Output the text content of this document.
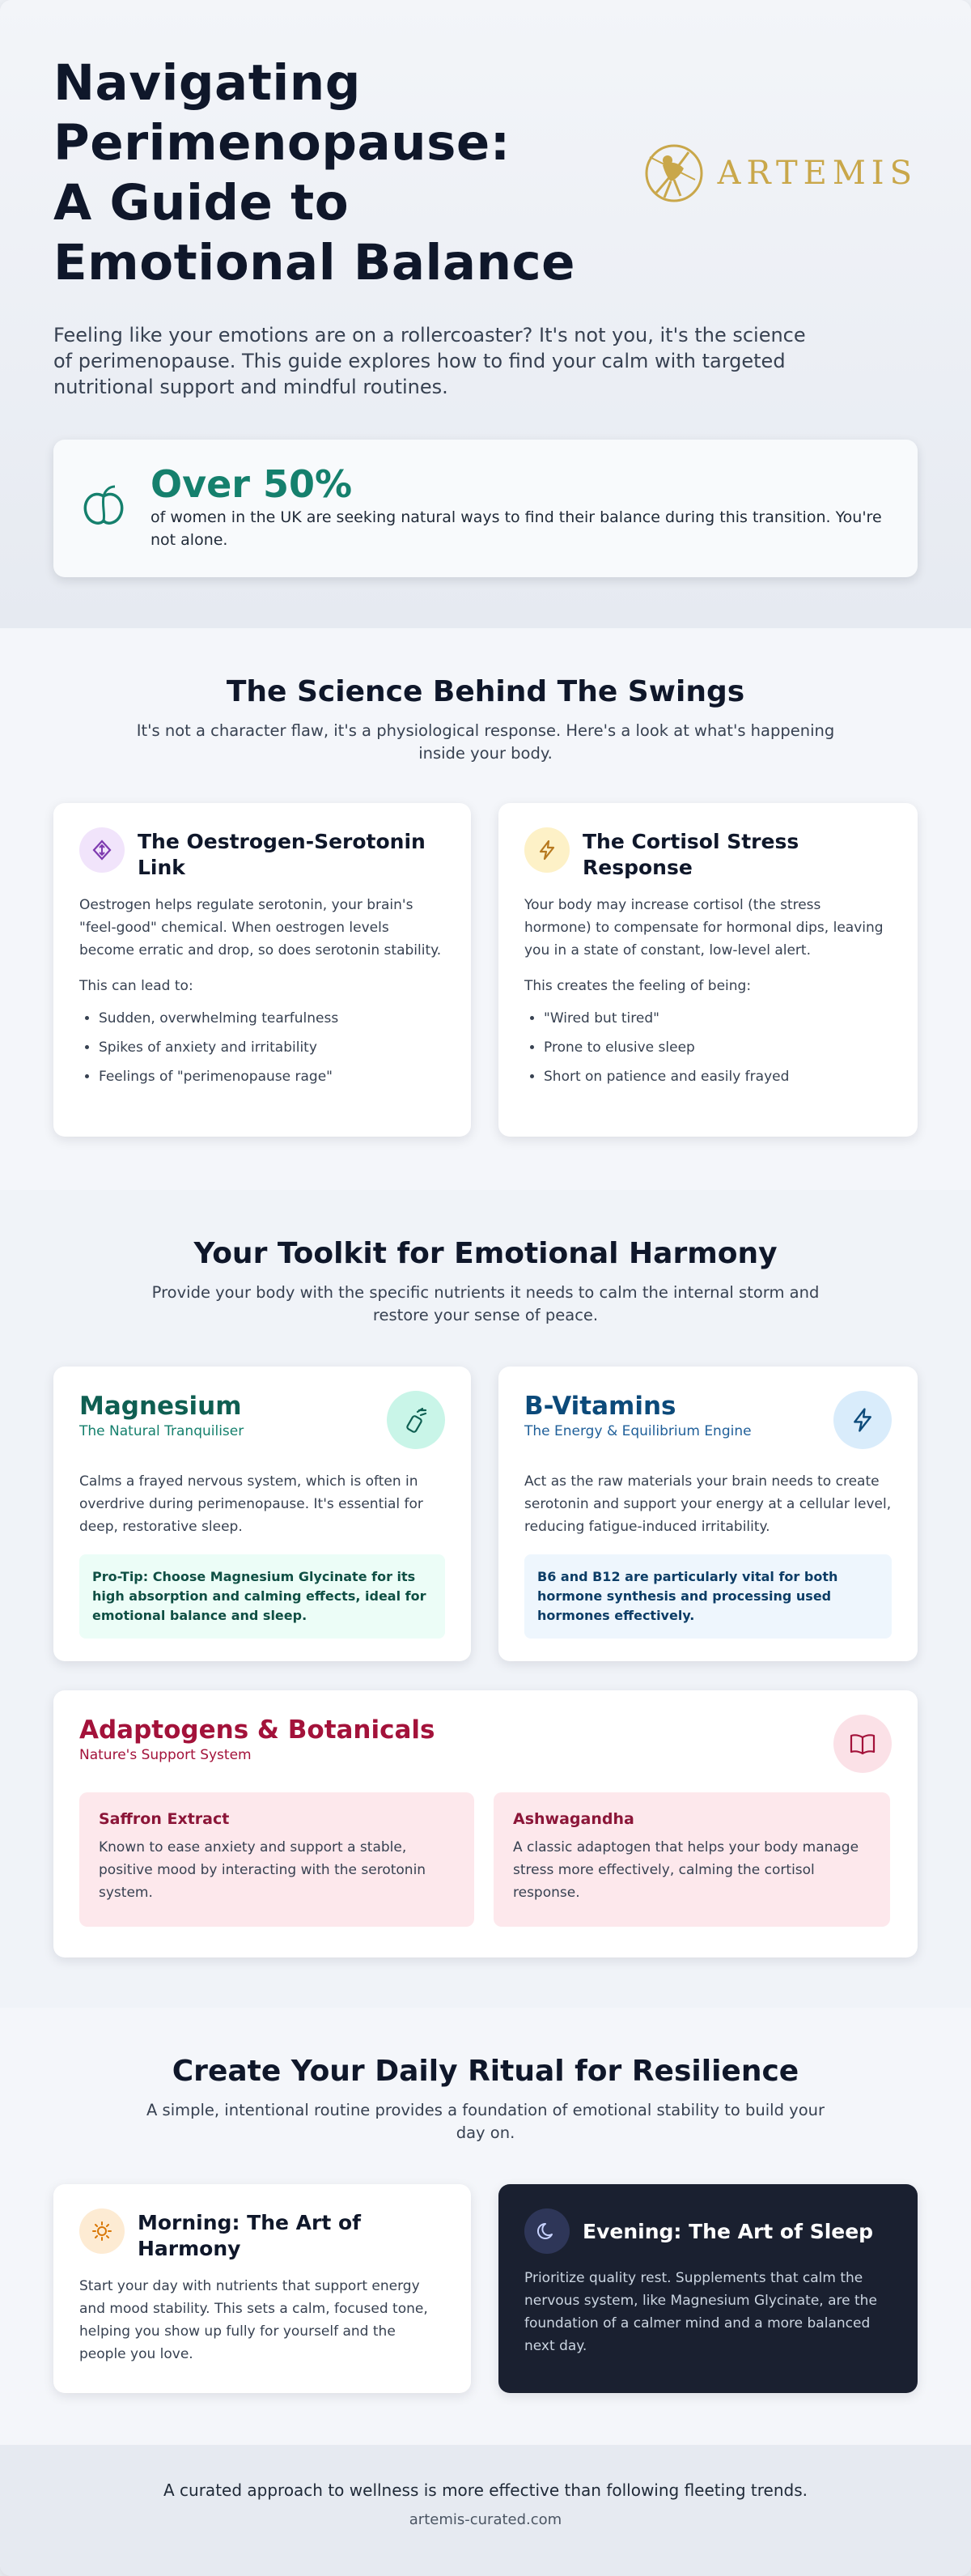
Navigating
Perimenopause:
A Guide to
Emotional Balance
ARTEMIS

Feeling like your emotions are on a rollercoaster? It's not you, it's the science of perimenopause. This guide explores how to find your calm with targeted nutritional support and mindful routines.

Over 50%
of women in the UK are seeking natural ways to find their balance during this transition. You're not alone.
The Science Behind The Swings

It's not a character flaw, it's a physiological response. Here's a look at what's happening inside your body.

The Oestrogen-Serotonin Link

Oestrogen helps regulate serotonin, your brain's "feel-good" chemical. When oestrogen levels become erratic and drop, so does serotonin stability.

This can lead to:

• Sudden, overwhelming tearfulness
• Spikes of anxiety and irritability
• Feelings of "perimenopause rage"
The Cortisol Stress Response

Your body may increase cortisol (the stress hormone) to compensate for hormonal dips, leaving you in a state of constant, low-level alert.

This creates the feeling of being:

• "Wired but tired"
• Prone to elusive sleep
• Short on patience and easily frayed
Your Toolkit for Emotional Harmony

Provide your body with the specific nutrients it needs to calm the internal storm and restore your sense of peace.

Magnesium
The Natural Tranquiliser

Calms a frayed nervous system, which is often in overdrive during perimenopause. It's essential for deep, restorative sleep.

Pro-Tip: Choose Magnesium Glycinate for its high absorption and calming effects, ideal for emotional balance and sleep.
B-Vitamins
The Energy & Equilibrium Engine

Act as the raw materials your brain needs to create serotonin and support your energy at a cellular level, reducing fatigue-induced irritability.

B6 and B12 are particularly vital for both hormone synthesis and processing used hormones effectively.
Adaptogens & Botanicals
Nature's Support System
Saffron Extract
Known to ease anxiety and support a stable, positive mood by interacting with the serotonin system.
Ashwagandha
A classic adaptogen that helps your body manage stress more effectively, calming the cortisol response.
Create Your Daily Ritual for Resilience

A simple, intentional routine provides a foundation of emotional stability to build your day on.

Morning: The Art of Harmony

Start your day with nutrients that support energy and mood stability. This sets a calm, focused tone, helping you show up fully for yourself and the people you love.

Evening: The Art of Sleep

Prioritize quality rest. Supplements that calm the nervous system, like Magnesium Glycinate, are the foundation of a calmer mind and a more balanced next day.

A curated approach to wellness is more effective than following fleeting trends.

artemis-curated.com
